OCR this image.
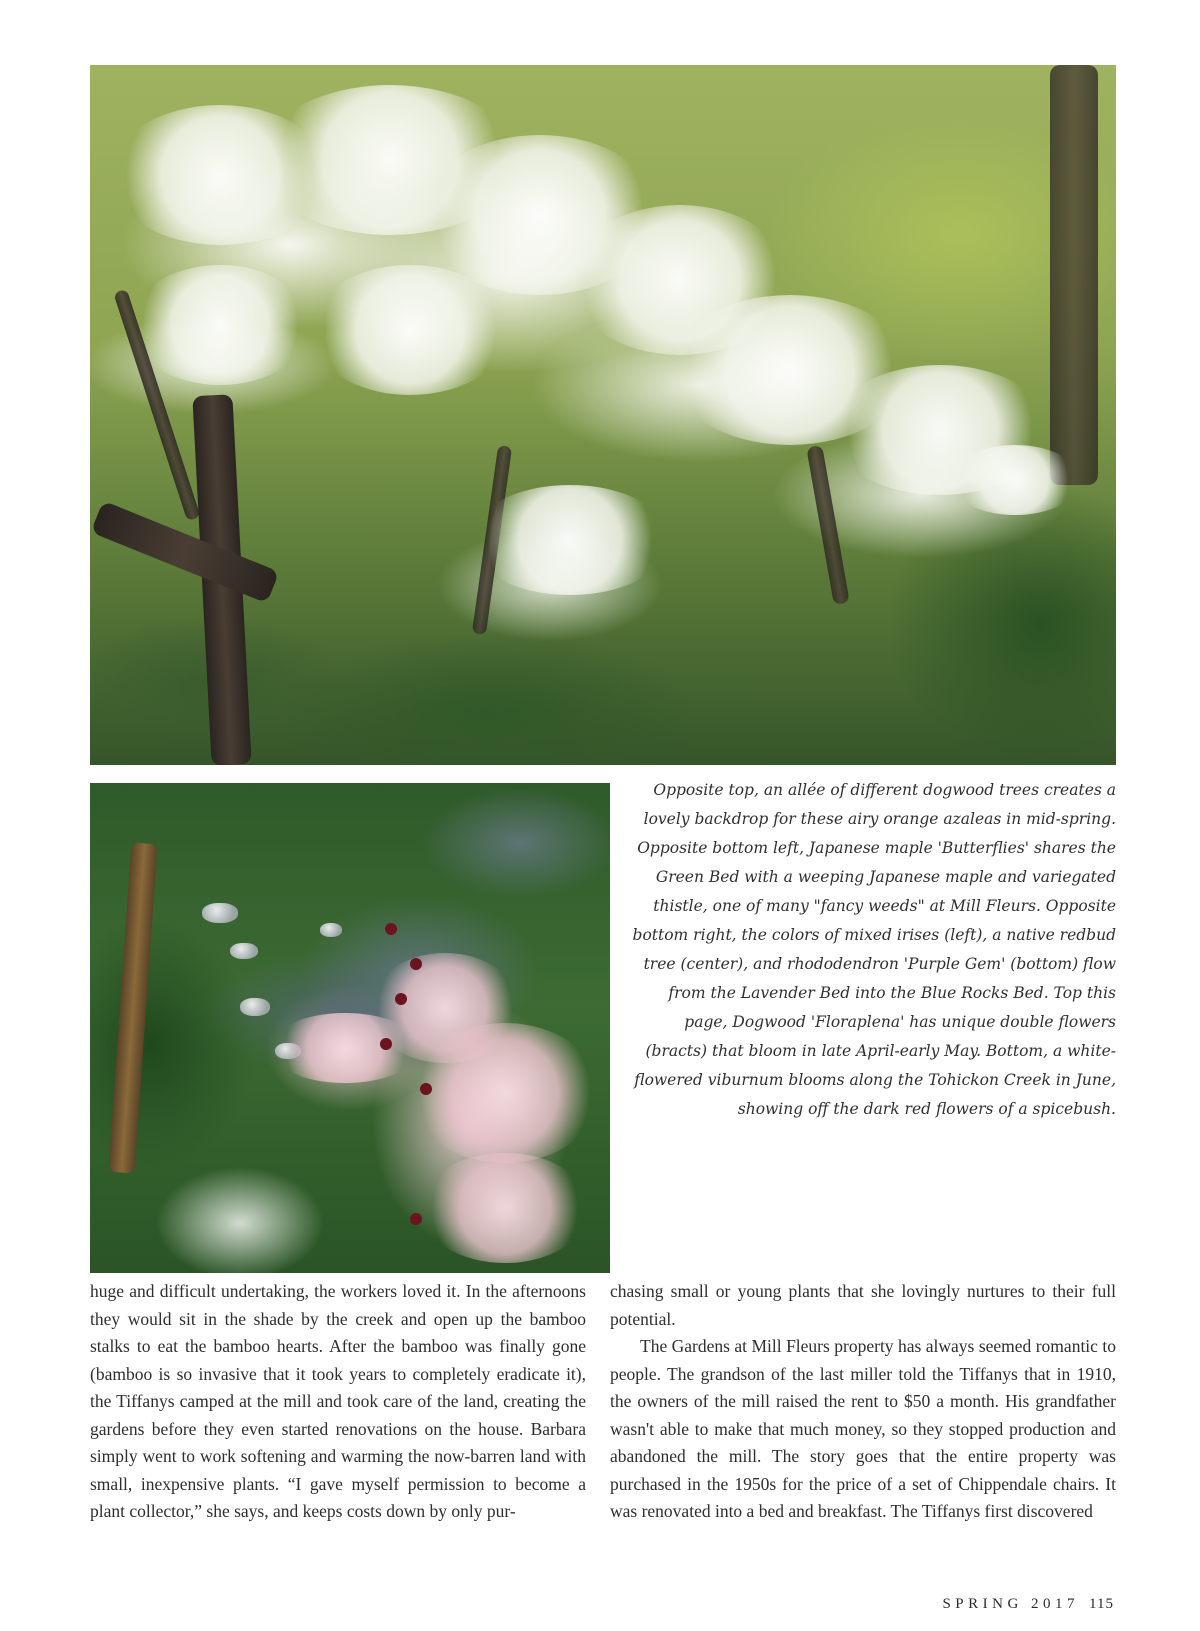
Opposite top, an allée of different dogwood trees creates a lovely backdrop for these airy orange azaleas in mid-spring. Opposite bottom left, Japanese maple 'Butterflies' shares the Green Bed with a weeping Japanese maple and variegated thistle, one of many "fancy weeds" at Mill Fleurs. Opposite bottom right, the colors of mixed irises (left), a native redbud tree (center), and rhododendron 'Purple Gem' (bottom) flow from the Lavender Bed into the Blue Rocks Bed. Top this page, Dogwood 'Floraplena' has unique double flowers (bracts) that bloom in late April-early May. Bottom, a white-flowered viburnum blooms along the Tohickon Creek in June, showing off the dark red flowers of a spicebush.

huge and difficult undertaking, the workers loved it. In the afternoons they would sit in the shade by the creek and open up the bamboo stalks to eat the bamboo hearts. After the bamboo was finally gone (bamboo is so invasive that it took years to completely eradicate it), the Tiffanys camped at the mill and took care of the land, creating the gardens before they even started renovations on the house. Barbara simply went to work softening and warming the now-barren land with small, inexpensive plants. “I gave myself permission to become a plant collector,” she says, and keeps costs down by only pur-

chasing small or young plants that she lovingly nurtures to their full potential.

The Gardens at Mill Fleurs property has always seemed romantic to people. The grandson of the last miller told the Tiffanys that in 1910, the owners of the mill raised the rent to $50 a month. His grandfather wasn't able to make that much money, so they stopped production and abandoned the mill. The story goes that the entire property was purchased in the 1950s for the price of a set of Chippendale chairs. It was renovated into a bed and breakfast. The Tiffanys first discovered

SPRING 2017 115
